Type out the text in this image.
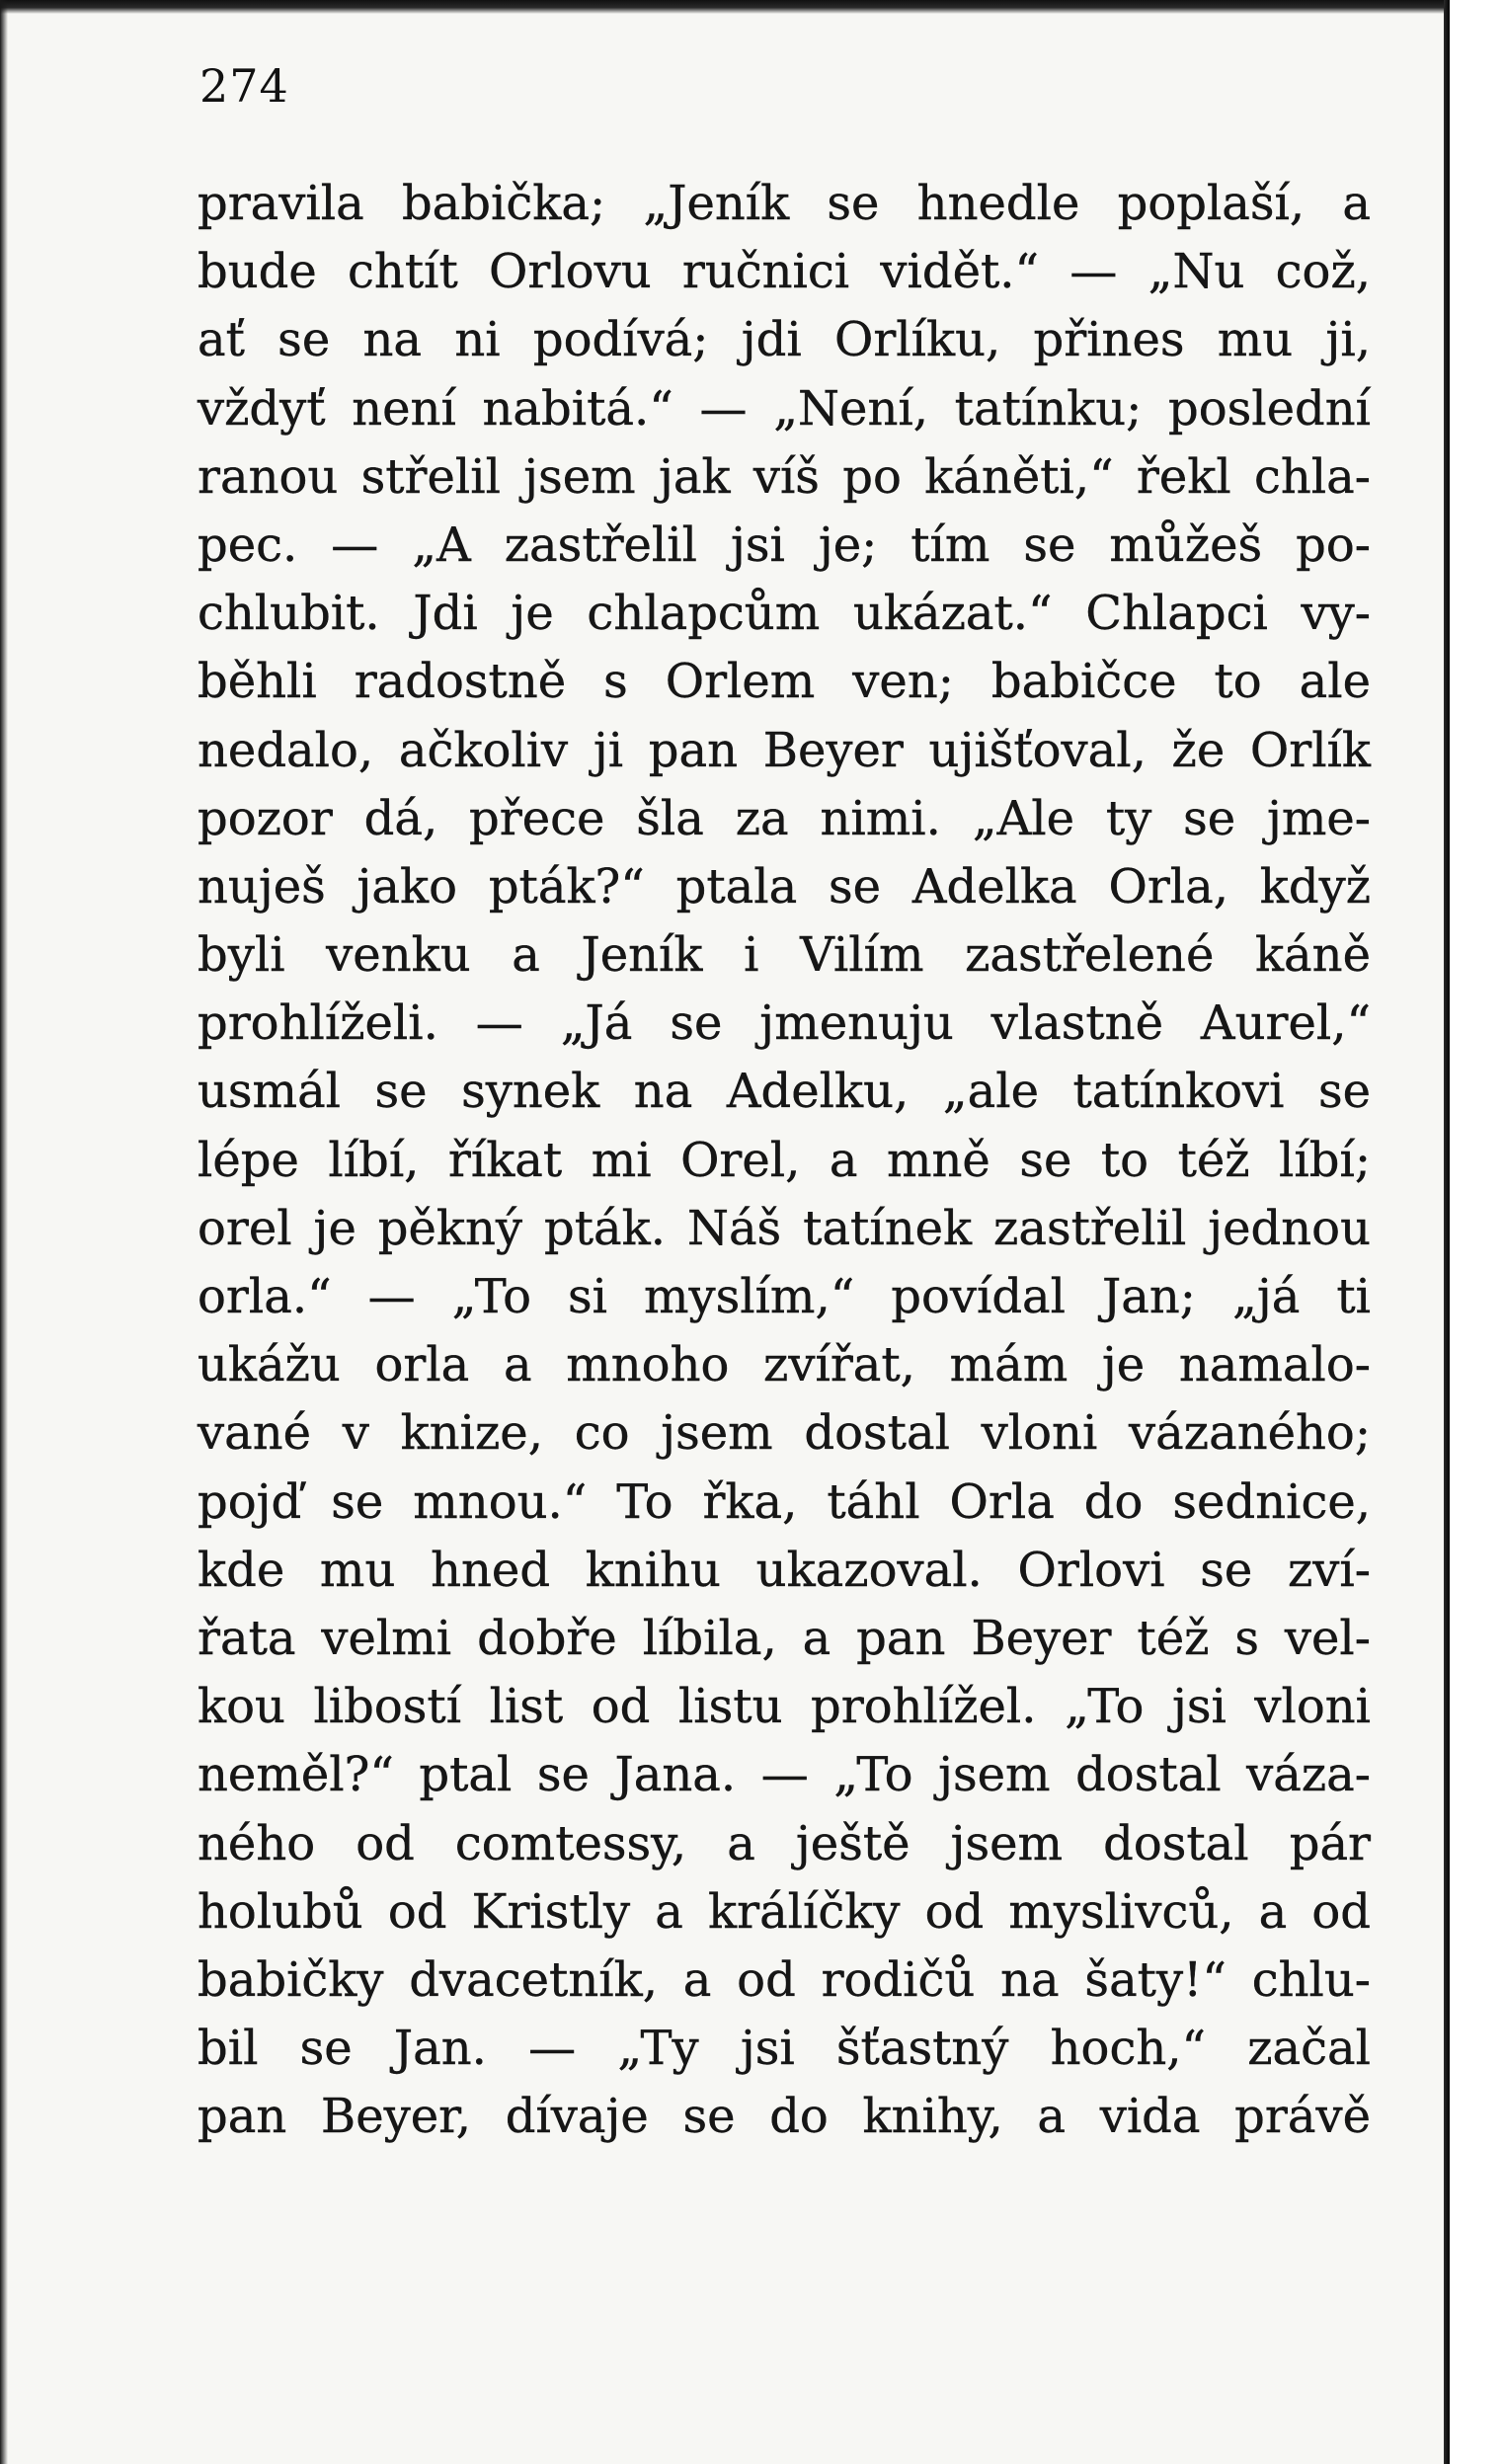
274
pravila babička; „Jeník se hnedle poplaší, a
bude chtít Orlovu ručnici vidět.“ — „Nu což,
ať se na ni podívá; jdi Orlíku, přines mu ji,
vždyť není nabitá.“ — „Není, tatínku; poslední
ranou střelil jsem jak víš po káněti,“ řekl chla-
pec. — „A zastřelil jsi je; tím se můžeš po-
chlubit. Jdi je chlapcům ukázat.“ Chlapci vy-
běhli radostně s Orlem ven; babičce to ale
nedalo, ačkoliv ji pan Beyer ujišťoval, že Orlík
pozor dá, přece šla za nimi. „Ale ty se jme-
nuješ jako pták?“ ptala se Adelka Orla, když
byli venku a Jeník i Vilím zastřelené káně
prohlíželi. — „Já se jmenuju vlastně Aurel,“
usmál se synek na Adelku, „ale tatínkovi se
lépe líbí, říkat mi Orel, a mně se to též líbí;
orel je pěkný pták. Náš tatínek zastřelil jednou
orla.“ — „To si myslím,“ povídal Jan; „já ti
ukážu orla a mnoho zvířat, mám je namalo-
vané v knize, co jsem dostal vloni vázaného;
pojď se mnou.“ To řka, táhl Orla do sednice,
kde mu hned knihu ukazoval. Orlovi se zví-
řata velmi dobře líbila, a pan Beyer též s vel-
kou libostí list od listu prohlížel. „To jsi vloni
neměl?“ ptal se Jana. — „To jsem dostal váza-
ného od comtessy, a ještě jsem dostal pár
holubů od Kristly a králíčky od myslivců, a od
babičky dvacetník, a od rodičů na šaty!“ chlu-
bil se Jan. — „Ty jsi šťastný hoch,“ začal
pan Beyer, dívaje se do knihy, a vida právě
